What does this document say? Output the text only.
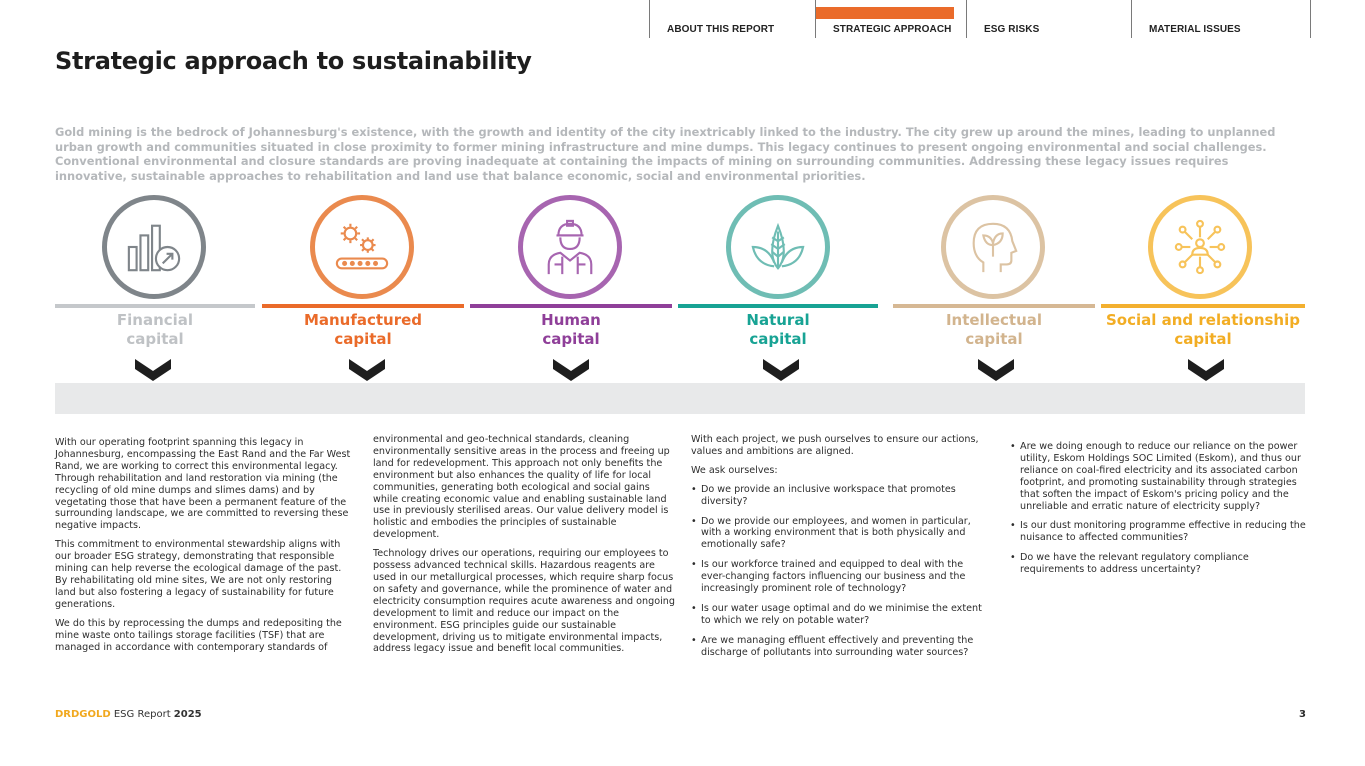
ABOUT THIS REPORT	STRATEGIC APPROACH	ESG RISKS	MATERIAL ISSUES
Strategic approach to sustainability

Gold mining is the bedrock of Johannesburg's existence, with the growth and identity of the city inextricably linked to the industry. The city grew up around the mines, leading to unplanned urban growth and communities situated in close proximity to former mining infrastructure and mine dumps. This legacy continues to present ongoing environmental and social challenges. Conventional environmental and closure standards are proving inadequate at containing the impacts of mining on surrounding communities. Addressing these legacy issues requires innovative, sustainable approaches to rehabilitation and land use that balance economic, social and environmental priorities.

Financial
capital
Manufactured
capital
Human
capital
Natural
capital
Intellectual
capital
Social and relationship
capital

With our operating footprint spanning this legacy in Johannesburg, encompassing the East Rand and the Far West Rand, we are working to correct this environmental legacy. Through rehabilitation and land restoration via mining (the recycling of old mine dumps and slimes dams) and by vegetating those that have been a permanent feature of the surrounding landscape, we are committed to reversing these negative impacts.

This commitment to environmental stewardship aligns with our broader ESG strategy, demonstrating that responsible mining can help reverse the ecological damage of the past. By rehabilitating old mine sites, We are not only restoring land but also fostering a legacy of sustainability for future generations.

We do this by reprocessing the dumps and redepositing the mine waste onto tailings storage facilities (TSF) that are managed in accordance with contemporary standards of

environmental and geo-technical standards, cleaning environmentally sensitive areas in the process and freeing up land for redevelopment. This approach not only benefits the environment but also enhances the quality of life for local communities, generating both ecological and social gains while creating economic value and enabling sustainable land use in previously sterilised areas. Our value delivery model is holistic and embodies the principles of sustainable development.

Technology drives our operations, requiring our employees to possess advanced technical skills. Hazardous reagents are used in our metallurgical processes, which require sharp focus on safety and governance, while the prominence of water and electricity consumption requires acute awareness and ongoing development to limit and reduce our impact on the environment. ESG principles guide our sustainable development, driving us to mitigate environmental impacts, address legacy issue and benefit local communities.

With each project, we push ourselves to ensure our actions, values and ambitions are aligned.

We ask ourselves:

• Do we provide an inclusive workspace that promotes diversity?
• Do we provide our employees, and women in particular, with a working environment that is both physically and emotionally safe?
• Is our workforce trained and equipped to deal with the ever-changing factors influencing our business and the increasingly prominent role of technology?
• Is our water usage optimal and do we minimise the extent to which we rely on potable water?
• Are we managing effluent effectively and preventing the discharge of pollutants into surrounding water sources?
• Are we doing enough to reduce our reliance on the power utility, Eskom Holdings SOC Limited (Eskom), and thus our reliance on coal-fired electricity and its associated carbon footprint, and promoting sustainability through strategies that soften the impact of Eskom's pricing policy and the unreliable and erratic nature of electricity supply?
• Is our dust monitoring programme effective in reducing the nuisance to affected communities?
• Do we have the relevant regulatory compliance requirements to address uncertainty?
DRDGOLD ESG Report 2025	3
